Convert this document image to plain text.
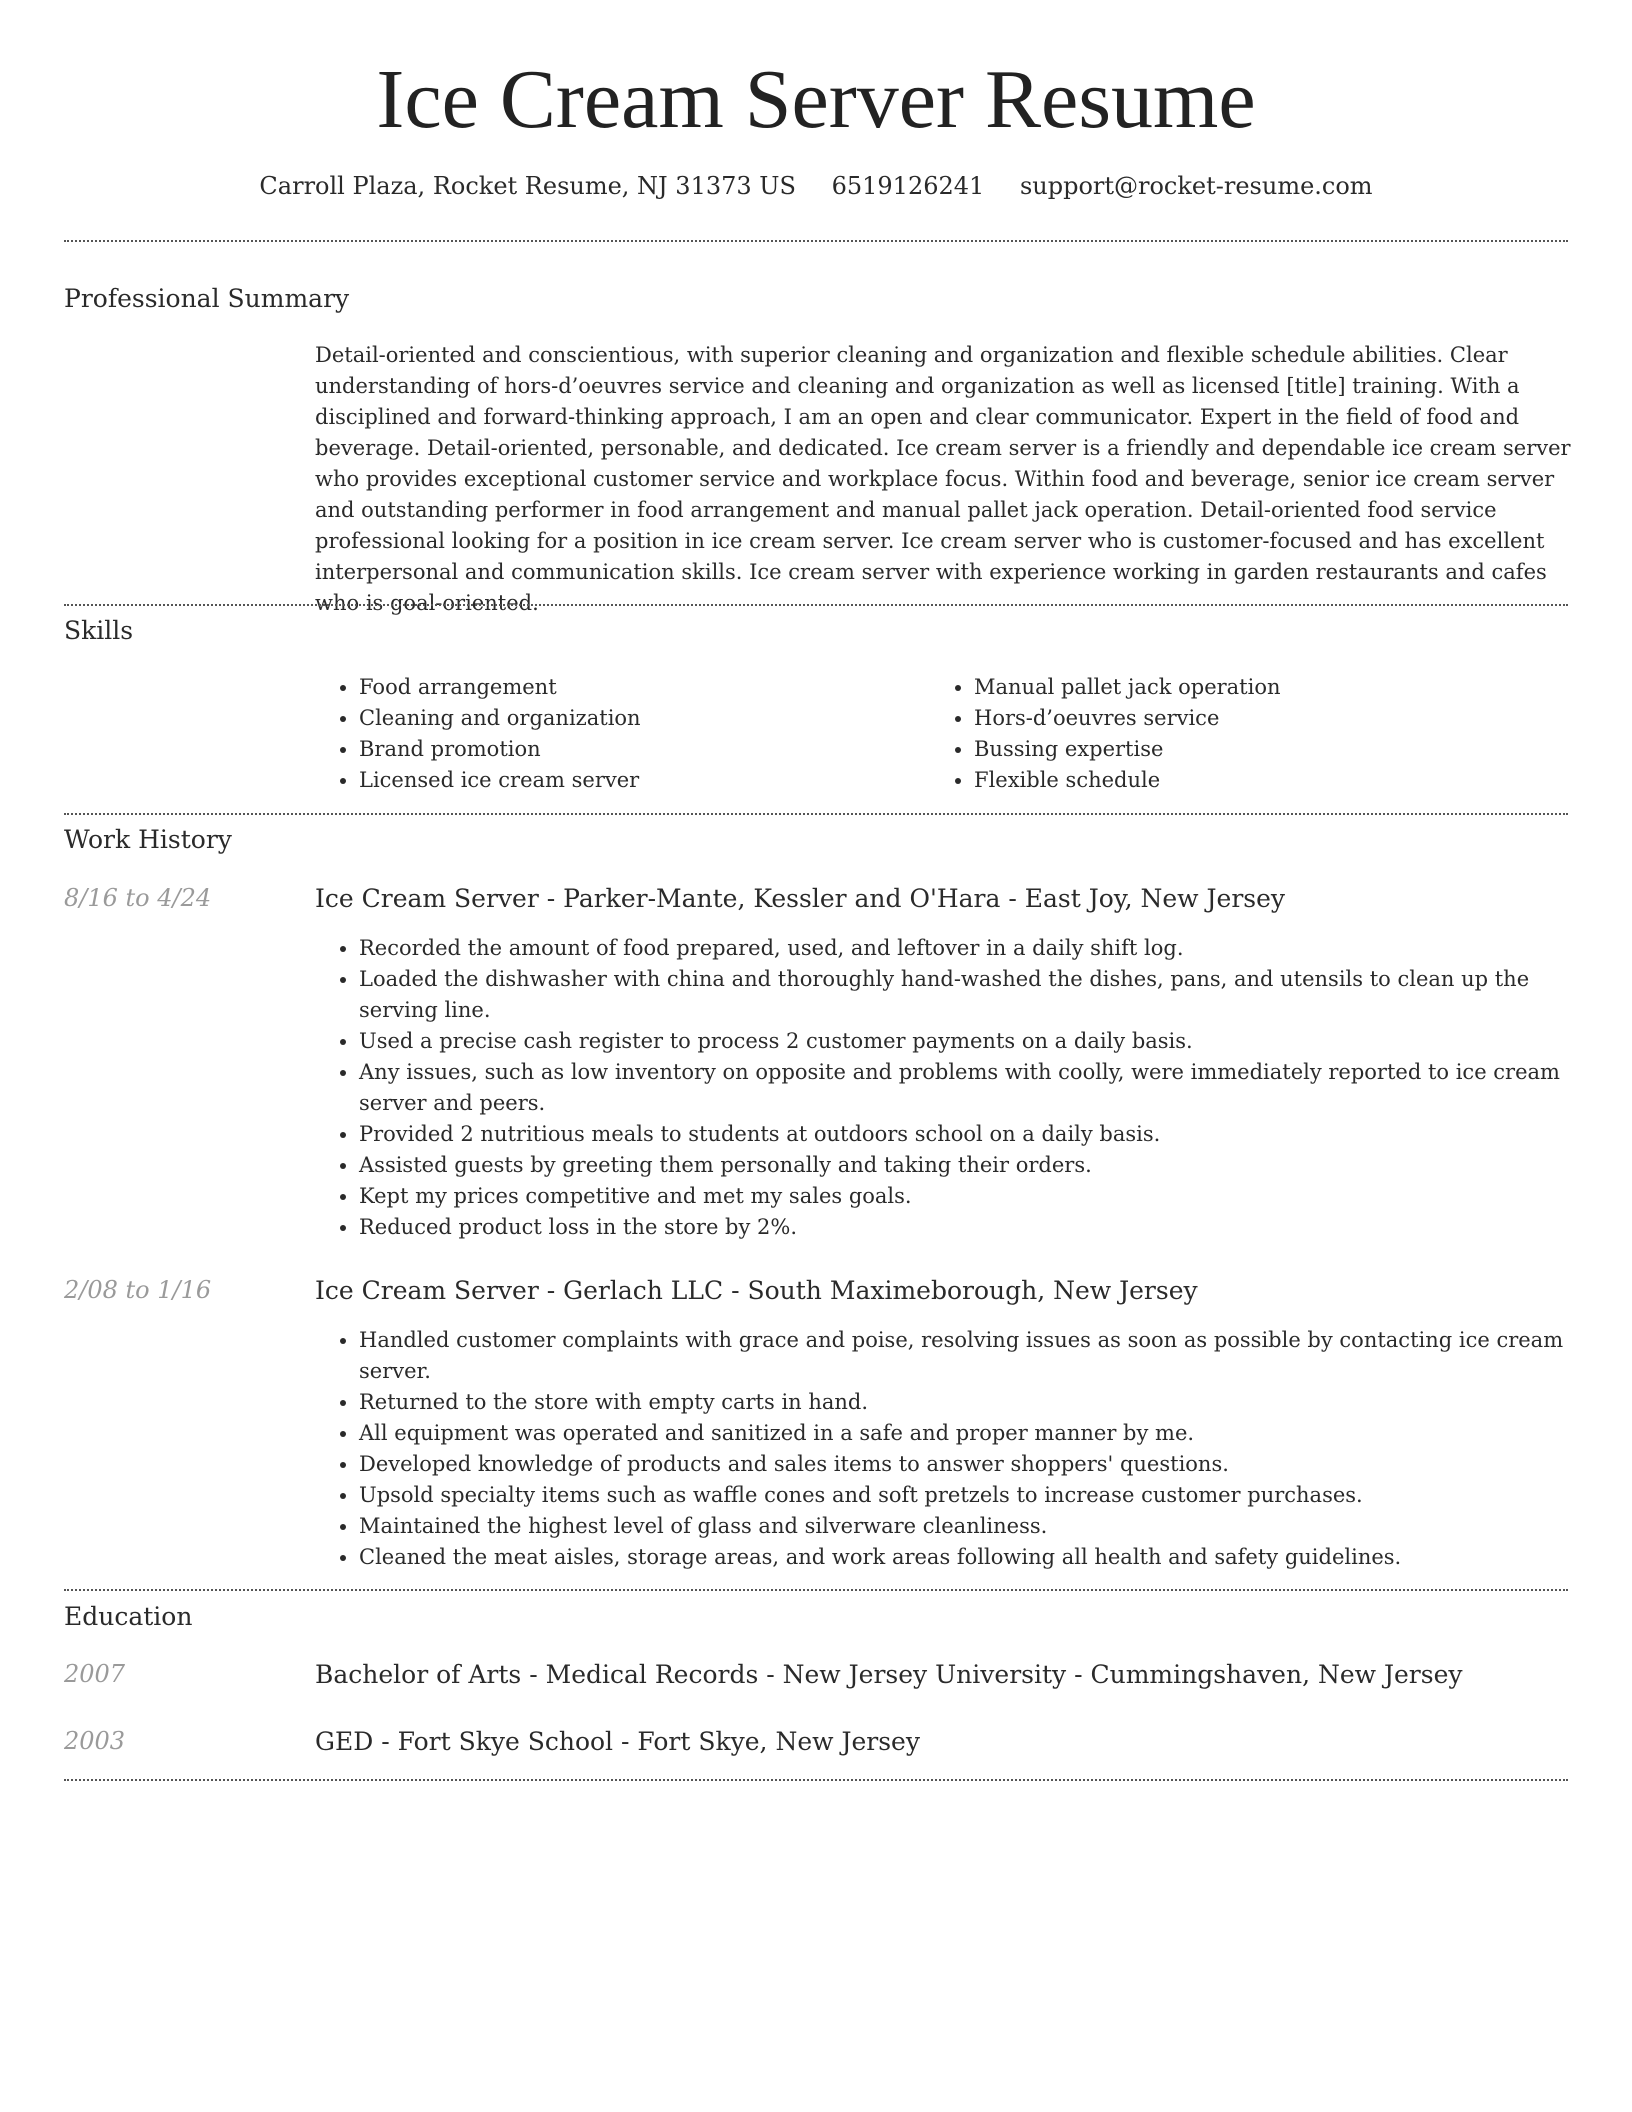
Ice Cream Server Resume
Carroll Plaza, Rocket Resume, NJ 31373 US 6519126241 support@rocket-resume.com
Professional Summary
Detail-oriented and conscientious, with superior cleaning and organization and flexible schedule abilities. Clear understanding of hors-d’oeuvres service and cleaning and organization as well as licensed [title] training. With a disciplined and forward-thinking approach, I am an open and clear communicator. Expert in the field of food and beverage. Detail-oriented, personable, and dedicated. Ice cream server is a friendly and dependable ice cream server who provides exceptional customer service and workplace focus. Within food and beverage, senior ice cream server and outstanding performer in food arrangement and manual pallet jack operation. Detail-oriented food service professional looking for a position in ice cream server. Ice cream server who is customer-focused and has excellent interpersonal and communication skills. Ice cream server with experience working in garden restaurants and cafes who is goal-oriented.
Skills
• Food arrangement
• Cleaning and organization
• Brand promotion
• Licensed ice cream server
• Manual pallet jack operation
• Hors-d’oeuvres service
• Bussing expertise
• Flexible schedule
Work History
8/16 to 4/24	Ice Cream Server - Parker-Mante, Kessler and O'Hara - East Joy, New Jersey
• Recorded the amount of food prepared, used, and leftover in a daily shift log.
• Loaded the dishwasher with china and thoroughly hand-washed the dishes, pans, and utensils to clean up the serving line.
• Used a precise cash register to process 2 customer payments on a daily basis.
• Any issues, such as low inventory on opposite and problems with coolly, were immediately reported to ice cream server and peers.
• Provided 2 nutritious meals to students at outdoors school on a daily basis.
• Assisted guests by greeting them personally and taking their orders.
• Kept my prices competitive and met my sales goals.
• Reduced product loss in the store by 2%.
2/08 to 1/16	Ice Cream Server - Gerlach LLC - South Maximeborough, New Jersey
• Handled customer complaints with grace and poise, resolving issues as soon as possible by contacting ice cream server.
• Returned to the store with empty carts in hand.
• All equipment was operated and sanitized in a safe and proper manner by me.
• Developed knowledge of products and sales items to answer shoppers' questions.
• Upsold specialty items such as waffle cones and soft pretzels to increase customer purchases.
• Maintained the highest level of glass and silverware cleanliness.
• Cleaned the meat aisles, storage areas, and work areas following all health and safety guidelines.
Education
2007	Bachelor of Arts - Medical Records - New Jersey University - Cummingshaven, New Jersey
2003	GED - Fort Skye School - Fort Skye, New Jersey
